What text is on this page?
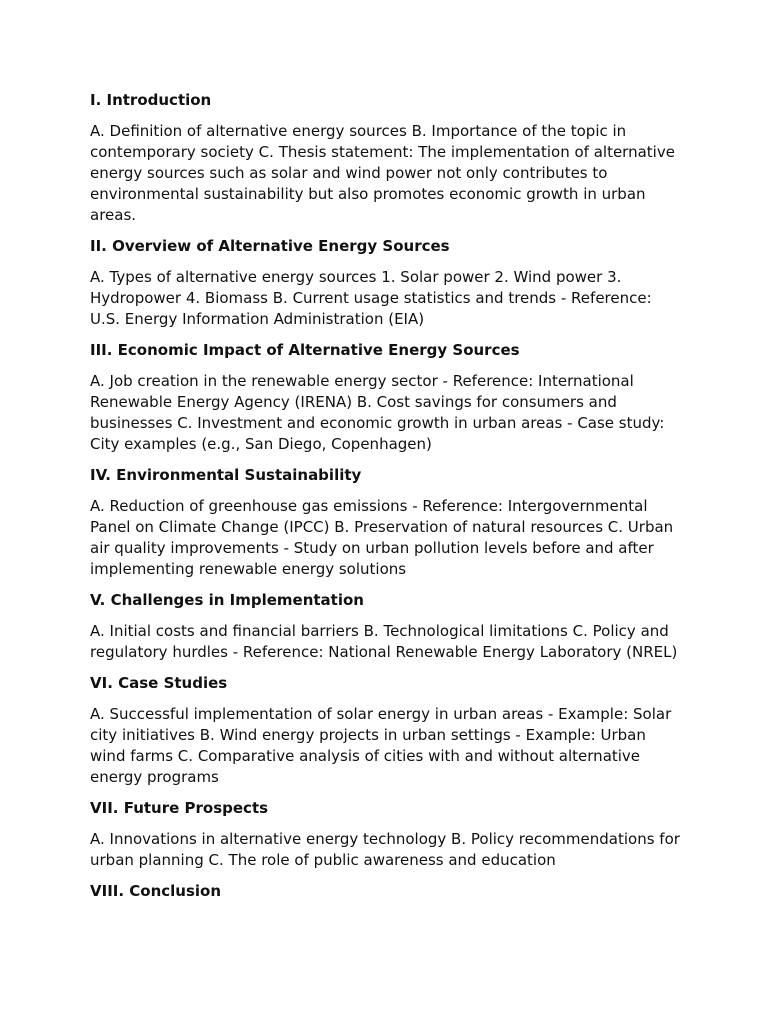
I. Introduction
A. Definition of alternative energy sources B. Importance of the topic in contemporary society C. Thesis statement: The implementation of alternative energy sources such as solar and wind power not only contributes to environmental sustainability but also promotes economic growth in urban areas.
II. Overview of Alternative Energy Sources
A. Types of alternative energy sources 1. Solar power 2. Wind power 3. Hydropower 4. Biomass B. Current usage statistics and trends - Reference: U.S. Energy Information Administration (EIA)
III. Economic Impact of Alternative Energy Sources
A. Job creation in the renewable energy sector - Reference: International Renewable Energy Agency (IRENA) B. Cost savings for consumers and businesses C. Investment and economic growth in urban areas - Case study: City examples (e.g., San Diego, Copenhagen)
IV. Environmental Sustainability
A. Reduction of greenhouse gas emissions - Reference: Intergovernmental Panel on Climate Change (IPCC) B. Preservation of natural resources C. Urban air quality improvements - Study on urban pollution levels before and after implementing renewable energy solutions
V. Challenges in Implementation
A. Initial costs and financial barriers B. Technological limitations C. Policy and regulatory hurdles - Reference: National Renewable Energy Laboratory (NREL)
VI. Case Studies
A. Successful implementation of solar energy in urban areas - Example: Solar city initiatives B. Wind energy projects in urban settings - Example: Urban wind farms C. Comparative analysis of cities with and without alternative energy programs
VII. Future Prospects
A. Innovations in alternative energy technology B. Policy recommendations for urban planning C. The role of public awareness and education
VIII. Conclusion
